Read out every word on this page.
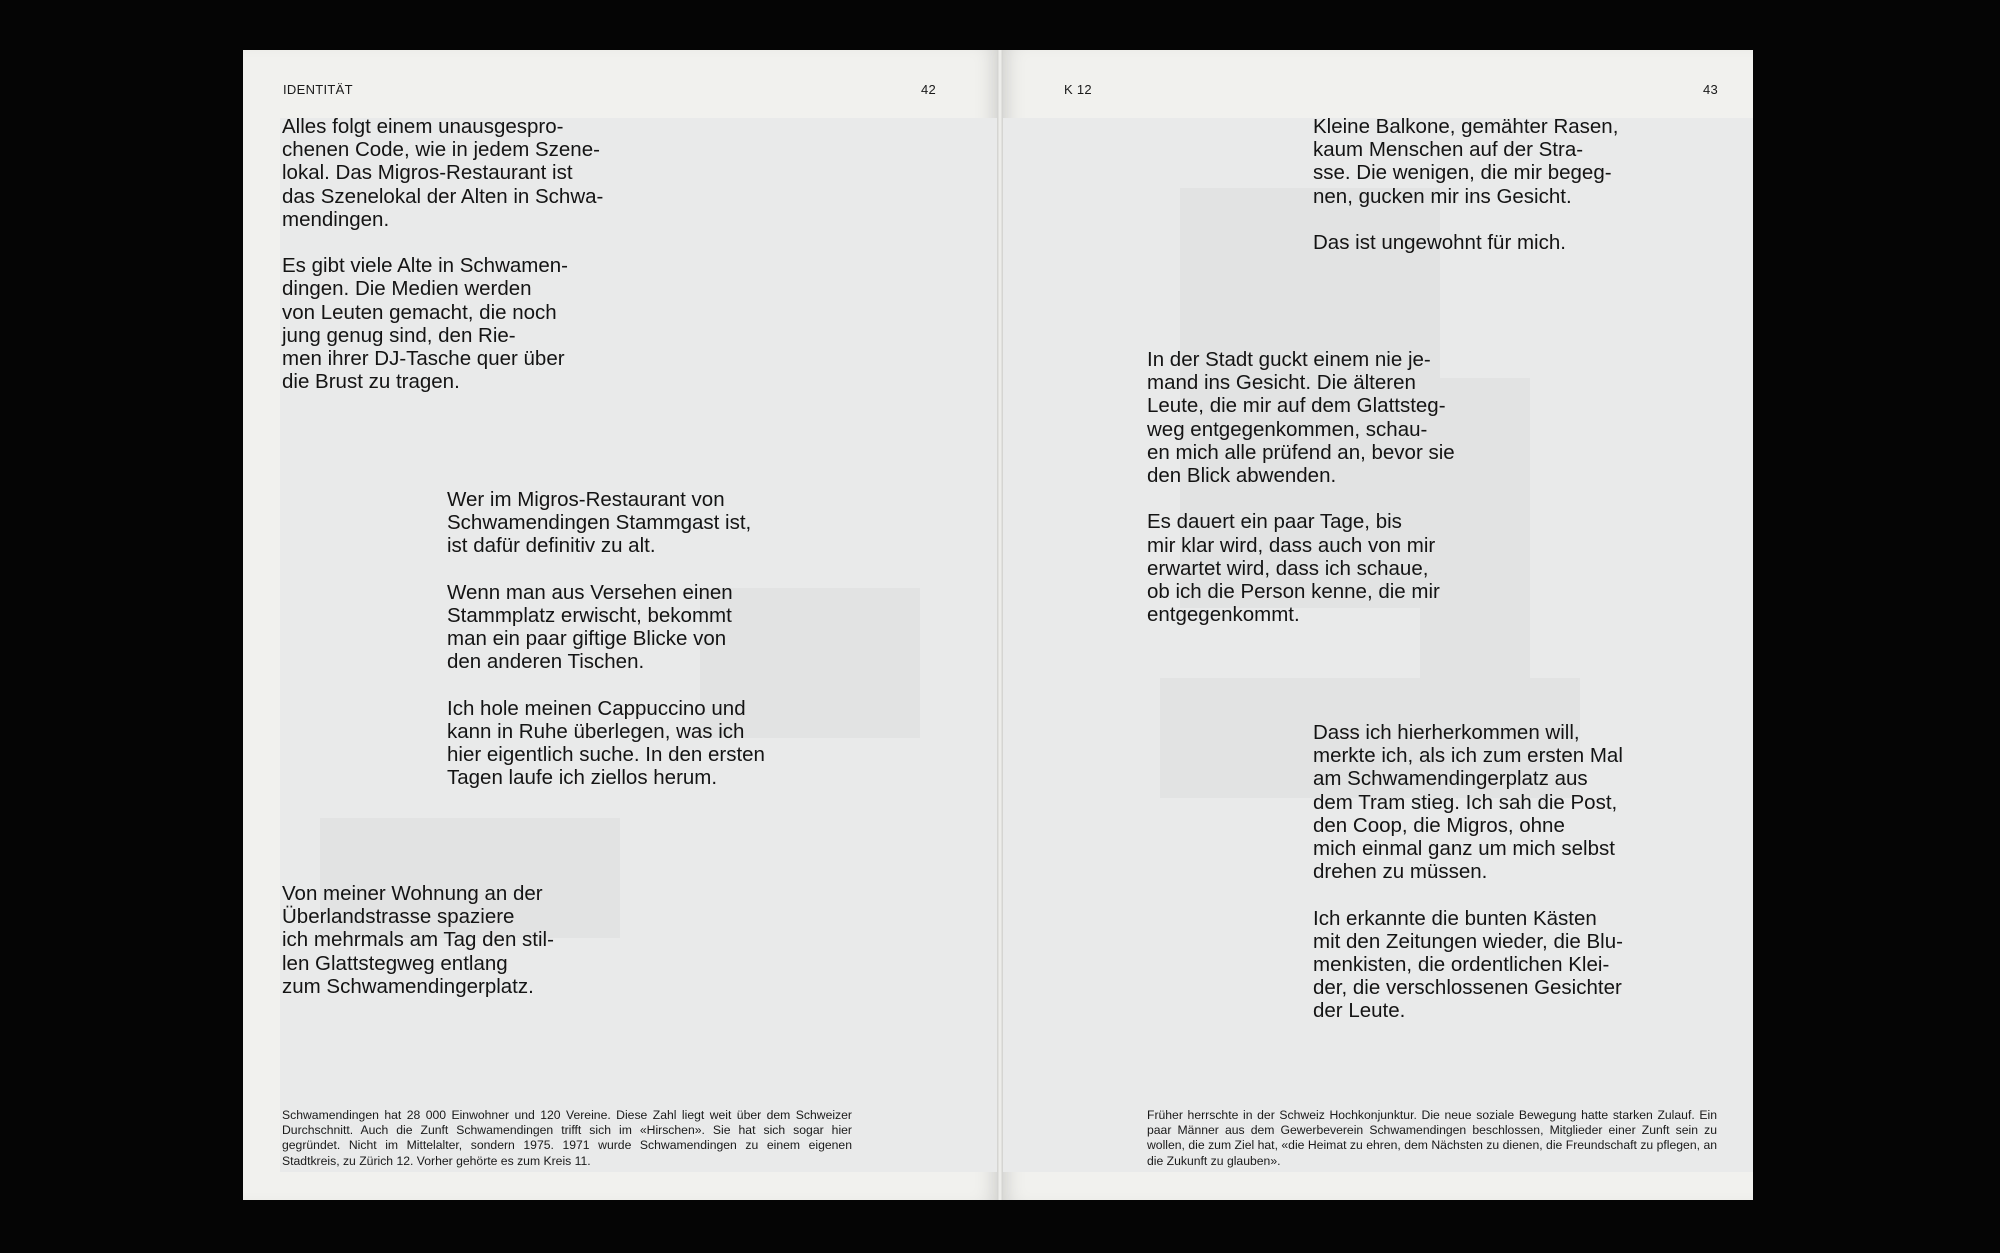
IDENTITÄT	42

Alles folgt einem unausgespro-
chenen Code, wie in jedem Szene-
lokal. Das Migros-Restaurant ist
das Szenelokal der Alten in Schwa-
mendingen.

Es gibt viele Alte in Schwamen-
dingen. Die Medien werden
von Leuten gemacht, die noch
jung genug sind, den Rie-
men ihrer DJ-Tasche quer über
die Brust zu tragen.

Wer im Migros-Restaurant von
Schwamendingen Stammgast ist,
ist dafür definitiv zu alt.

Wenn man aus Versehen einen
Stammplatz erwischt, bekommt
man ein paar giftige Blicke von
den anderen Tischen.

Ich hole meinen Cappuccino und
kann in Ruhe überlegen, was ich
hier eigentlich suche. In den ersten
Tagen laufe ich ziellos herum.

Von meiner Wohnung an der
Überlandstrasse spaziere
ich mehrmals am Tag den stil-
len Glattstegweg entlang
zum Schwamendingerplatz.

Schwamendingen hat 28 000 Einwohner und 120 Vereine. Diese Zahl liegt weit über dem Schweizer Durchschnitt. Auch die Zunft Schwamendingen trifft sich im «Hirschen». Sie hat sich sogar hier gegründet. Nicht im Mittelalter, sondern 1975. 1971 wurde Schwamendingen zu einem eigenen Stadtkreis, zu Zürich 12. Vorher gehörte es zum Kreis 11.
K 12	43

Kleine Balkone, gemähter Rasen,
kaum Menschen auf der Stra-
sse. Die wenigen, die mir begeg-
nen, gucken mir ins Gesicht.

Das ist ungewohnt für mich.

In der Stadt guckt einem nie je-
mand ins Gesicht. Die älteren
Leute, die mir auf dem Glattsteg-
weg entgegenkommen, schau-
en mich alle prüfend an, bevor sie
den Blick abwenden.

Es dauert ein paar Tage, bis
mir klar wird, dass auch von mir
erwartet wird, dass ich schaue,
ob ich die Person kenne, die mir
entgegenkommt.

Dass ich hierherkommen will,
merkte ich, als ich zum ersten Mal
am Schwamendingerplatz aus
dem Tram stieg. Ich sah die Post,
den Coop, die Migros, ohne
mich einmal ganz um mich selbst
drehen zu müssen.

Ich erkannte die bunten Kästen
mit den Zeitungen wieder, die Blu-
menkisten, die ordentlichen Klei-
der, die verschlossenen Gesichter
der Leute.

Früher herrschte in der Schweiz Hochkonjunktur. Die neue soziale Bewegung hatte starken Zulauf. Ein paar Männer aus dem Gewerbeverein Schwamendingen beschlossen, Mitglieder einer Zunft sein zu wollen, die zum Ziel hat, «die Heimat zu ehren, dem Nächsten zu dienen, die Freundschaft zu pflegen, an die Zukunft zu glauben».
